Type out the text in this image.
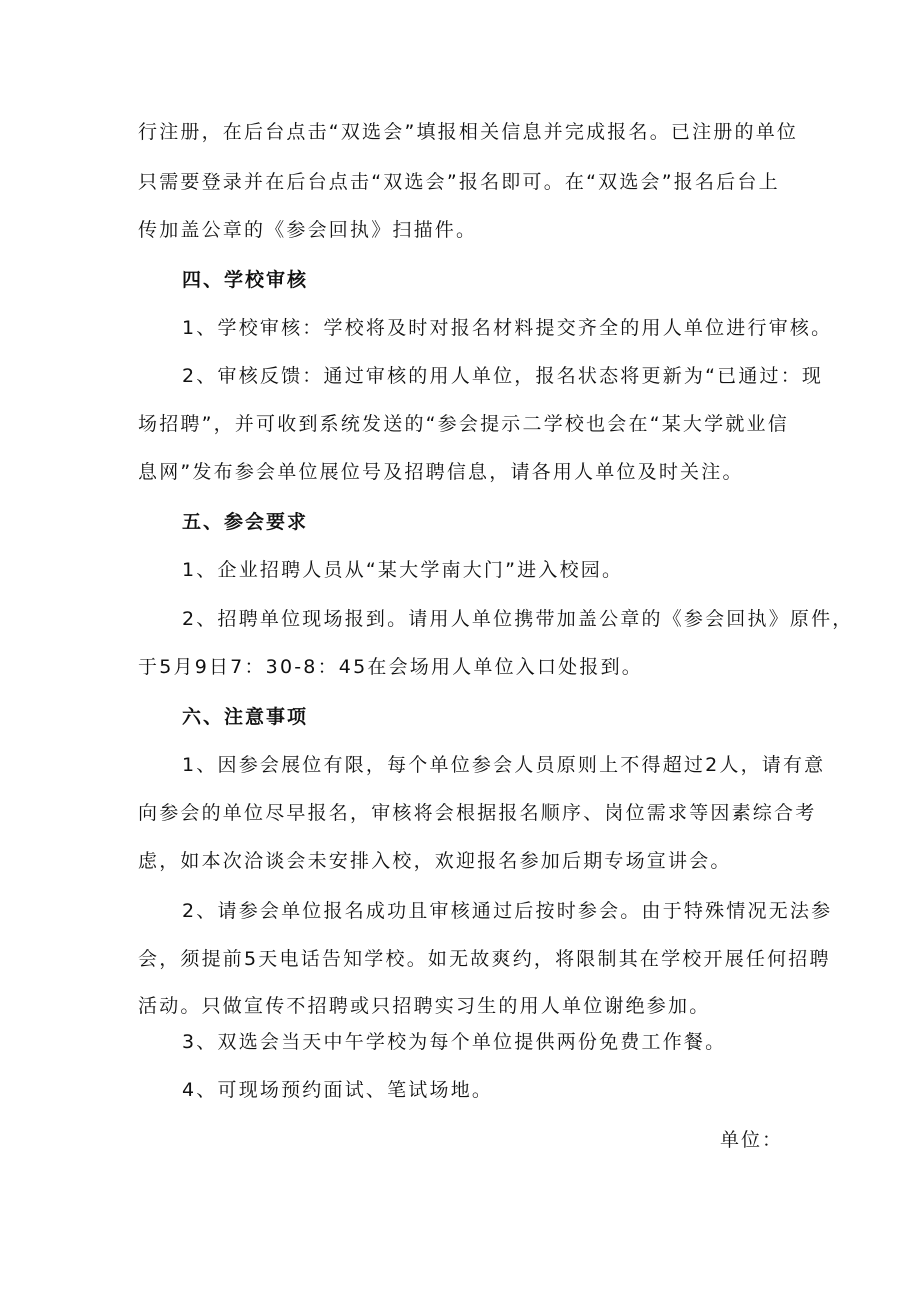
行注册，在后台点击“双选会”填报相关信息并完成报名。已注册的单位
只需要登录并在后台点击“双选会”报名即可。在“双选会”报名后台上
传加盖公章的《参会回执》扫描件。
四、学校审核
1、学校审核：学校将及时对报名材料提交齐全的用人单位进行审核。
2、审核反馈：通过审核的用人单位，报名状态将更新为“已通过：现
场招聘”，并可收到系统发送的“参会提示二学校也会在“某大学就业信
息网”发布参会单位展位号及招聘信息，请各用人单位及时关注。
五、参会要求
1、企业招聘人员从“某大学南大门”进入校园。
2、招聘单位现场报到。请用人单位携带加盖公章的《参会回执》原件，
于5月9日7：30-8：45在会场用人单位入口处报到。
六、注意事项
1、因参会展位有限，每个单位参会人员原则上不得超过2人，请有意
向参会的单位尽早报名，审核将会根据报名顺序、岗位需求等因素综合考
虑，如本次洽谈会未安排入校，欢迎报名参加后期专场宣讲会。
2、请参会单位报名成功且审核通过后按时参会。由于特殊情况无法参
会，须提前5天电话告知学校。如无故爽约，将限制其在学校开展任何招聘
活动。只做宣传不招聘或只招聘实习生的用人单位谢绝参加。
3、双选会当天中午学校为每个单位提供两份免费工作餐。
4、可现场预约面试、笔试场地。
单位：
